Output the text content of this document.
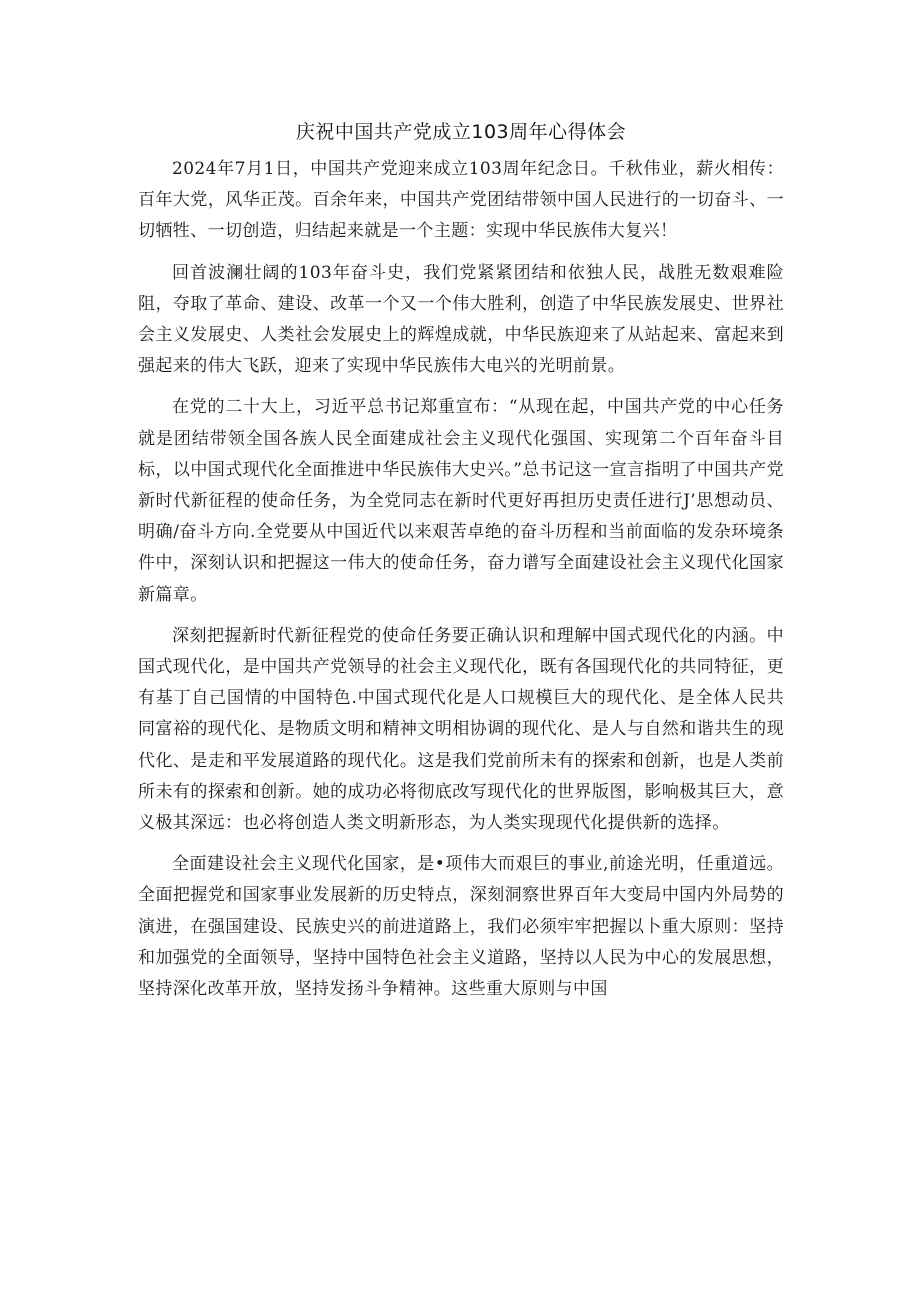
庆祝中国共产党成立103周年心得体会

2024年7月1日，中国共产党迎来成立103周年纪念日。千秋伟业，薪火相传：百年大党，风华正茂。百余年来，中国共产党团结带领中国人民进行的一切奋斗、一切牺牲、一切创造，归结起来就是一个主题：实现中华民族伟大复兴！

回首波澜壮阔的103年奋斗史，我们党紧紧团结和依独人民，战胜无数艰难险阻，夺取了革命、建设、改革一个又一个伟大胜利，创造了中华民族发展史、世界社会主义发展史、人类社会发展史上的辉煌成就，中华民族迎来了从站起来、富起来到强起来的伟大飞跃，迎来了实现中华民族伟大电兴的光明前景。

在党的二十大上，习近平总书记郑重宣布：“从现在起，中国共产党的中心任务就是团结带领全国各族人民全面建成社会主义现代化强国、实现第二个百年奋斗目标，以中国式现代化全面推进中华民族伟大史兴。”总书记这一宣言指明了中国共产党新时代新征程的使命任务，为全党同志在新时代更好再担历史责任进行J’思想动员、明确/奋斗方向.全党要从中国近代以来艰苦卓绝的奋斗历程和当前面临的发杂环境条件中，深刻认识和把握这一伟大的使命任务，奋力谱写全面建设社会主义现代化国家新篇章。

深刻把握新时代新征程党的使命任务要正确认识和理解中国式现代化的内涵。中国式现代化，是中国共产党领导的社会主义现代化，既有各国现代化的共同特征，更有基丁自己国情的中国特色.中国式现代化是人口规模巨大的现代化、是全体人民共同富裕的现代化、是物质文明和精神文明相协调的现代化、是人与自然和谐共生的现代化、是走和平发展道路的现代化。这是我们党前所未有的探索和创新，也是人类前所未有的探索和创新。她的成功必将彻底改写现代化的世界版图，影响极其巨大，意义极其深远：也必将创造人类文明新形态，为人类实现现代化提供新的选择。

全面建设社会主义现代化国家，是•项伟大而艰巨的事业,前途光明，任重道远。全面把握党和国家事业发展新的历史特点，深刻洞察世界百年大变局中国内外局势的演进，在强国建设、民族史兴的前进道路上，我们必须牢牢把握以卜重大原则：坚持和加强党的全面领导，坚持中国特色社会主义道路，坚持以人民为中心的发展思想，坚持深化改革开放，坚持发扬斗争精神。这些重大原则与中国
